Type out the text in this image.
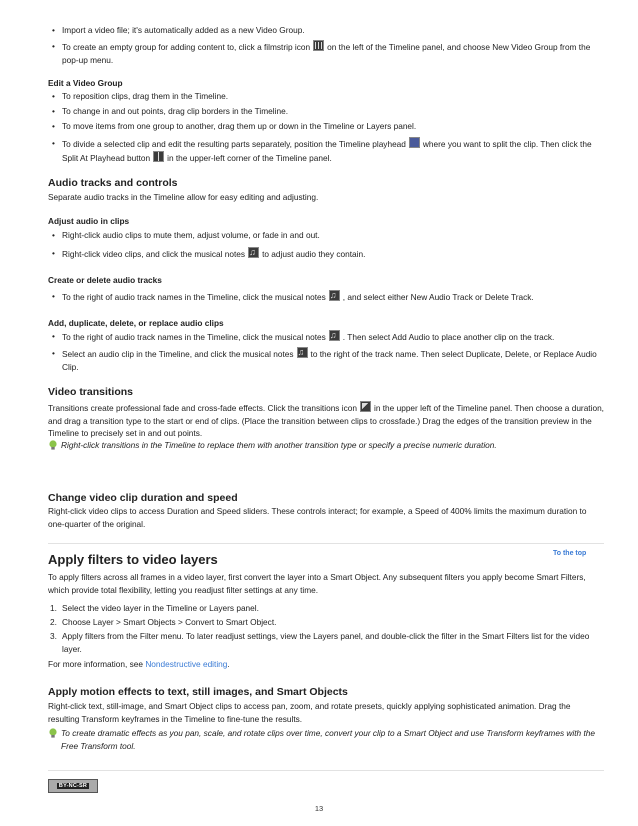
Import a video file; it's automatically added as a new Video Group.
To create an empty group for adding content to, click a filmstrip icon on the left of the Timeline panel, and choose New Video Group from the pop-up menu.
Edit a Video Group
To reposition clips, drag them in the Timeline.
To change in and out points, drag clip borders in the Timeline.
To move items from one group to another, drag them up or down in the Timeline or Layers panel.
To divide a selected clip and edit the resulting parts separately, position the Timeline playhead where you want to split the clip. Then click the Split At Playhead button in the upper-left corner of the Timeline panel.
Audio tracks and controls
Separate audio tracks in the Timeline allow for easy editing and adjusting.
Adjust audio in clips
Right-click audio clips to mute them, adjust volume, or fade in and out.
Right-click video clips, and click the musical notes ♫ to adjust audio they contain.
Create or delete audio tracks
To the right of audio track names in the Timeline, click the musical notes ♫ , and select either New Audio Track or Delete Track.
Add, duplicate, delete, or replace audio clips
To the right of audio track names in the Timeline, click the musical notes ♫ . Then select Add Audio to place another clip on the track.
Select an audio clip in the Timeline, and click the musical notes ♫ to the right of the track name. Then select Duplicate, Delete, or Replace Audio Clip.
Video transitions
Transitions create professional fade and cross-fade effects. Click the transitions icon in the upper left of the Timeline panel. Then choose a duration, and drag a transition type to the start or end of clips. (Place the transition between clips to crossfade.) Drag the edges of the transition preview in the Timeline to precisely set in and out points.
Right-click transitions in the Timeline to replace them with another transition type or specify a precise numeric duration.
Change video clip duration and speed
Right-click video clips to access Duration and Speed sliders. These controls interact; for example, a Speed of 400% limits the maximum duration to one-quarter of the original.
To the top
Apply filters to video layers
To apply filters across all frames in a video layer, first convert the layer into a Smart Object. Any subsequent filters you apply become Smart Filters, which provide total flexibility, letting you readjust filter settings at any time.
1. Select the video layer in the Timeline or Layers panel.
2. Choose Layer > Smart Objects > Convert to Smart Object.
3. Apply filters from the Filter menu. To later readjust settings, view the Layers panel, and double-click the filter in the Smart Filters list for the video layer.
For more information, see Nondestructive editing.
Apply motion effects to text, still images, and Smart Objects
Right-click text, still-image, and Smart Object clips to access pan, zoom, and rotate presets, quickly applying sophisticated animation. Drag the resulting Transform keyframes in the Timeline to fine-tune the results.
To create dramatic effects as you pan, scale, and rotate clips over time, convert your clip to a Smart Object and use Transform keyframes with the Free Transform tool.
BY-NC-SR
13
